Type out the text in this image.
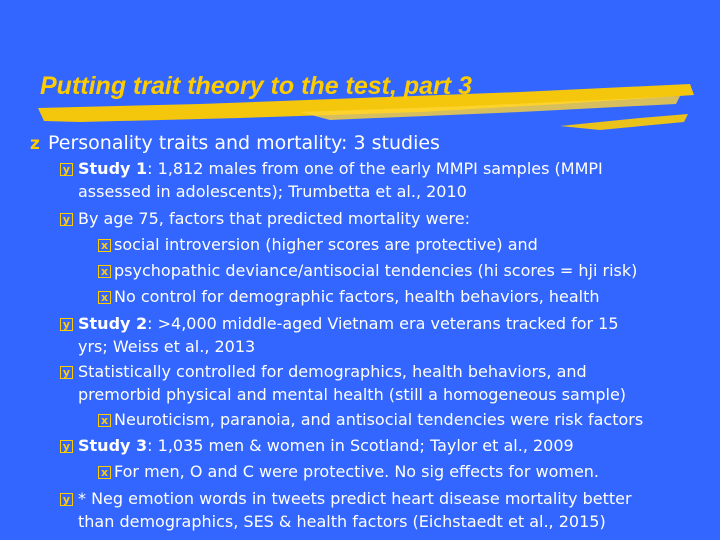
Putting trait theory to the test, part 3
z Personality traits and mortality: 3 studies
y Study 1: 1,812 males from one of the early MMPI samples (MMPI
assessed in adolescents); Trumbetta et al., 2010
y By age 75, factors that predicted mortality were:
x social introversion (higher scores are protective) and
x psychopathic deviance/antisocial tendencies (hi scores = hji risk)
x No control for demographic factors, health behaviors, health
y Study 2: >4,000 middle-aged Vietnam era veterans tracked for 15
yrs; Weiss et al., 2013
y Statistically controlled for demographics, health behaviors, and
premorbid physical and mental health (still a homogeneous sample)
x Neuroticism, paranoia, and antisocial tendencies were risk factors
y Study 3: 1,035 men & women in Scotland; Taylor et al., 2009
x For men, O and C were protective. No sig effects for women.
y * Neg emotion words in tweets predict heart disease mortality better
than demographics, SES & health factors (Eichstaedt et al., 2015)
